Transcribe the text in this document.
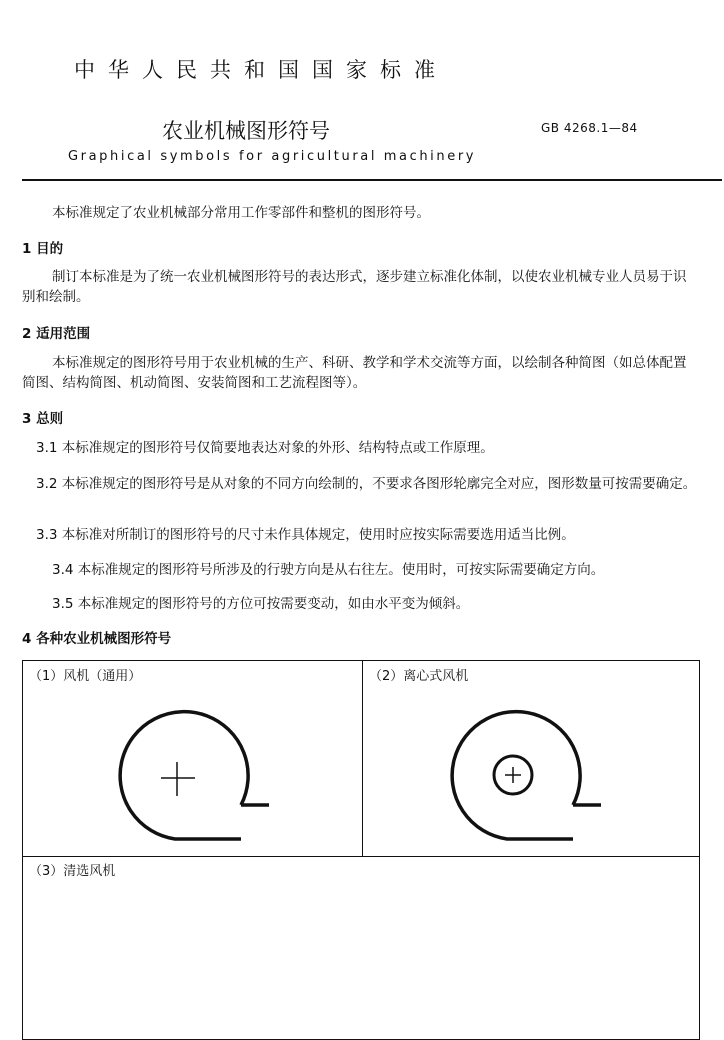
中华人民共和国国家标准
农业机械图形符号	GB 4268.1—84
Graphical symbols for agricultural machinery
本标准规定了农业机械部分常用工作零部件和整机的图形符号。
1 目的
制订本标准是为了统一农业机械图形符号的表达形式，逐步建立标准化体制，以使农业机械专业人员易于识别和绘制。
2 适用范围
本标准规定的图形符号用于农业机械的生产、科研、教学和学术交流等方面，以绘制各种简图（如总体配置简图、结构简图、机动简图、安装简图和工艺流程图等）。
3 总则
3.1 本标准规定的图形符号仅简要地表达对象的外形、结构特点或工作原理。
3.2 本标准规定的图形符号是从对象的不同方向绘制的，不要求各图形轮廓完全对应，图形数量可按需要确定。
3.3 本标准对所制订的图形符号的尺寸未作具体规定，使用时应按实际需要选用适当比例。
3.4 本标准规定的图形符号所涉及的行驶方向是从右往左。使用时，可按实际需要确定方向。
3.5 本标准规定的图形符号的方位可按需要变动，如由水平变为倾斜。
4 各种农业机械图形符号
（1）风机（通用）	（2）离心式风机
（3）清选风机
